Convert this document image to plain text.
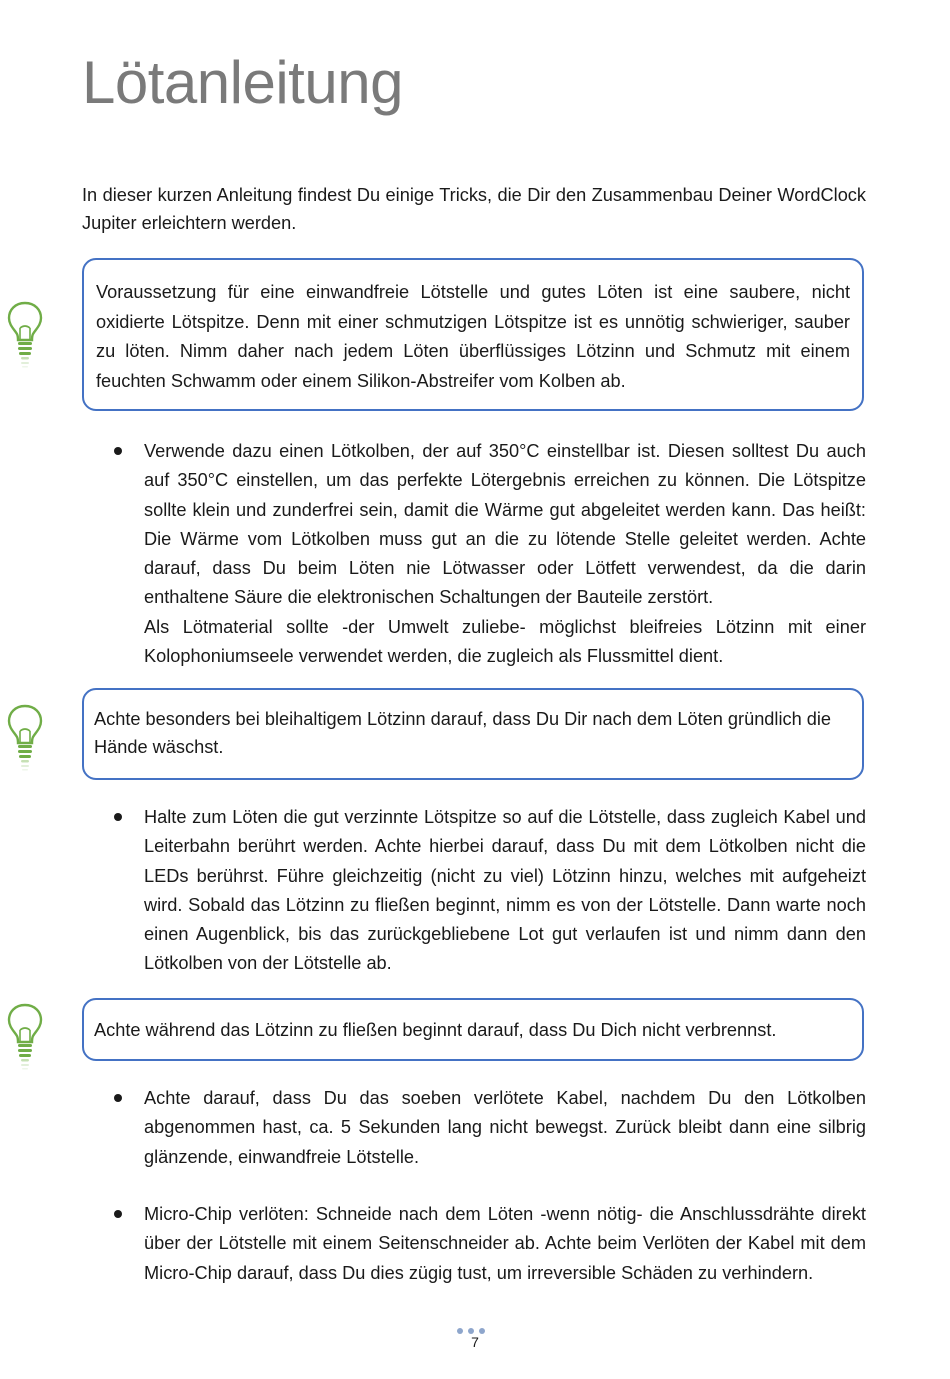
Lötanleitung

In dieser kurzen Anleitung findest Du einige Tricks, die Dir den Zusammenbau Deiner WordClock Jupiter erleichtern werden.

Voraussetzung für eine einwandfreie Lötstelle und gutes Löten ist eine saubere, nicht oxidierte Lötspitze. Denn mit einer schmutzigen Lötspitze ist es unnötig schwieriger, sauber zu löten. Nimm daher nach jedem Löten überflüssiges Lötzinn und Schmutz mit einem feuchten Schwamm oder einem Silikon-Abstreifer vom Kolben ab.

Verwende dazu einen Lötkolben, der auf 350°C einstellbar ist. Diesen solltest Du auch auf 350°C einstellen, um das perfekte Lötergebnis erreichen zu können. Die Lötspitze sollte klein und zunderfrei sein, damit die Wärme gut abgeleitet werden kann. Das heißt: Die Wärme vom Lötkolben muss gut an die zu lötende Stelle geleitet werden. Achte darauf, dass Du beim Löten nie Lötwasser oder Lötfett verwendest, da die darin enthaltene Säure die elektronischen Schaltungen der Bauteile zerstört.
Als Lötmaterial sollte -der Umwelt zuliebe- möglichst bleifreies Lötzinn mit einer Kolophoniumseele verwendet werden, die zugleich als Flussmittel dient.

Achte besonders bei bleihaltigem Lötzinn darauf, dass Du Dir nach dem Löten gründlich die Hände wäschst.

Halte zum Löten die gut verzinnte Lötspitze so auf die Lötstelle, dass zugleich Kabel und Leiterbahn berührt werden. Achte hierbei darauf, dass Du mit dem Lötkolben nicht die LEDs berührst. Führe gleichzeitig (nicht zu viel) Lötzinn hinzu, welches mit aufgeheizt wird. Sobald das Lötzinn zu fließen beginnt, nimm es von der Lötstelle. Dann warte noch einen Augenblick, bis das zurückgebliebene Lot gut verlaufen ist und nimm dann den Lötkolben von der Lötstelle ab.

Achte während das Lötzinn zu fließen beginnt darauf, dass Du Dich nicht verbrennst.

Achte darauf, dass Du das soeben verlötete Kabel, nachdem Du den Lötkolben abgenommen hast, ca. 5 Sekunden lang nicht bewegst. Zurück bleibt dann eine silbrig glänzende, einwandfreie Lötstelle.
Micro-Chip verlöten: Schneide nach dem Löten -wenn nötig- die Anschlussdrähte direkt über der Lötstelle mit einem Seitenschneider ab. Achte beim Verlöten der Kabel mit dem Micro-Chip darauf, dass Du dies zügig tust, um irreversible Schäden zu verhindern.
7
